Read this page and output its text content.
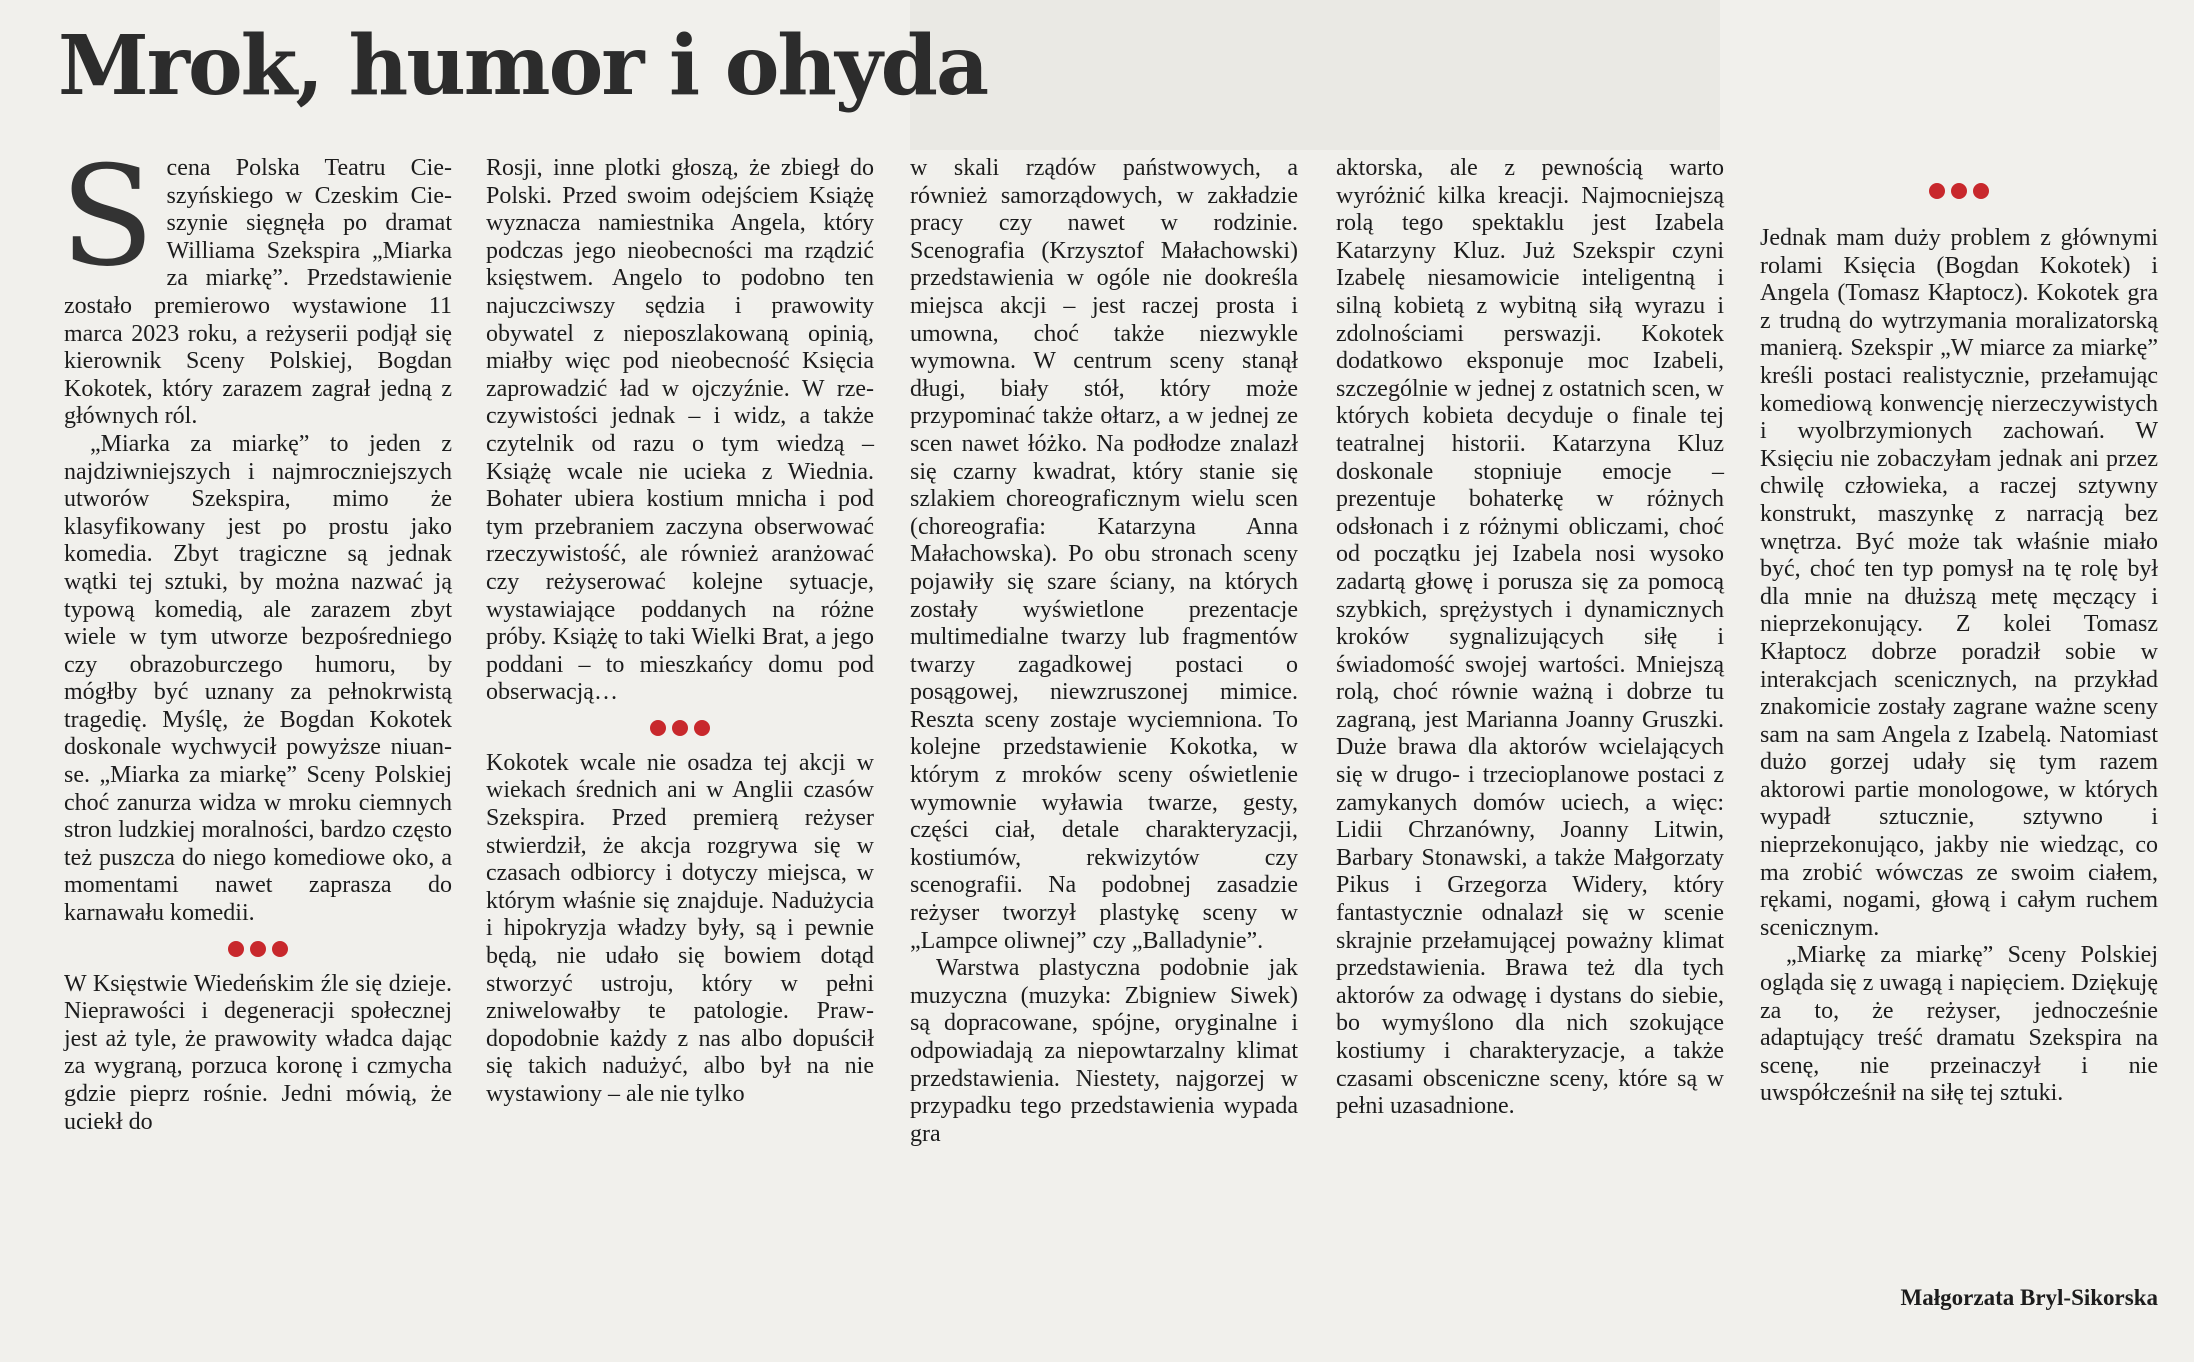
Mrok, humor i ohyda
S cena Polska Teatru Cieszyńskiego w Czeskim Cieszynie sięgnęła po dramat Williama Szekspira „Miarka za miarkę”. Przedstawienie zostało premierowo wystawione 11 marca 2023 roku, a reżyserii podjął się kierownik Sceny Polskiej, Bogdan Kokotek, który zarazem zagrał jedną z głównych ról.

„Miarka za miarkę” to jeden z najdziwniejszych i najmroczniejszych utworów Szekspira, mimo że klasyfikowany jest po prostu jako komedia. Zbyt tragiczne są jednak wątki tej sztuki, by można nazwać ją typową komedią, ale zarazem zbyt wiele w tym utworze bezpośredniego czy obrazoburczego humoru, by mógłby być uznany za pełnokrwistą tragedię. Myślę, że Bogdan Kokotek doskonale wychwycił powyższe niuanse. „Miarka za miarkę” Sceny Polskiej choć zanurza widza w mroku ciemnych stron ludzkiej moralności, bardzo często też puszcza do niego komediowe oko, a momentami nawet zaprasza do karnawału komedii.

W Księstwie Wiedeńskim źle się dzieje. Nieprawości i degeneracji społecznej jest aż tyle, że prawowity władca dając za wygraną, porzuca koronę i czmycha gdzie pieprz rośnie. Jedni mówią, że uciekł do

Rosji, inne plotki głoszą, że zbiegł do Polski. Przed swoim odejściem Książę wyznacza namiestnika Angela, który podczas jego nieobecności ma rządzić księstwem. Angelo to podobno ten najuczciwszy sędzia i prawowity obywatel z nieposzlakowaną opinią, miałby więc pod nieobecność Księcia zaprowadzić ład w ojczyźnie. W rzeczywistości jednak – i widz, a także czytelnik od razu o tym wiedzą – Książę wcale nie ucieka z Wiednia. Bohater ubiera kostium mnicha i pod tym przebraniem zaczyna obserwować rzeczywistość, ale również aranżować czy reżyserować kolejne sytuacje, wystawiające poddanych na różne próby. Książę to taki Wielki Brat, a jego poddani – to mieszkańcy domu pod obserwacją…

Kokotek wcale nie osadza tej akcji w wiekach średnich ani w Anglii czasów Szekspira. Przed premierą reżyser stwierdził, że akcja rozgrywa się w czasach odbiorcy i dotyczy miejsca, w którym właśnie się znajduje. Nadużycia i hipokryzja władzy były, są i pewnie będą, nie udało się bowiem dotąd stworzyć ustroju, który w pełni zniwelowałby te patologie. Prawdopodobnie każdy z nas albo dopuścił się takich nadużyć, albo był na nie wystawiony – ale nie tylko

w skali rządów państwowych, a również samorządowych, w zakładzie pracy czy nawet w rodzinie. Scenografia (Krzysztof Małachowski) przedstawienia w ogóle nie dookreśla miejsca akcji – jest raczej prosta i umowna, choć także niezwykle wymowna. W centrum sceny stanął długi, biały stół, który może przypominać także ołtarz, a w jednej ze scen nawet łóżko. Na podłodze znalazł się czarny kwadrat, który stanie się szlakiem choreograficznym wielu scen (choreografia: Katarzyna Anna Małachowska). Po obu stronach sceny pojawiły się szare ściany, na których zostały wyświetlone prezentacje multimedialne twarzy lub fragmentów twarzy zagadkowej postaci o posągowej, niewzruszonej mimice. Reszta sceny zostaje wyciemniona. To kolejne przedstawienie Kokotka, w którym z mroków sceny oświetlenie wymownie wyławia twarze, gesty, części ciał, detale charakteryzacji, kostiumów, rekwizytów czy scenografii. Na podobnej zasadzie reżyser tworzył plastykę sceny w „Lampce oliwnej” czy „Balladynie”.

Warstwa plastyczna podobnie jak muzyczna (muzyka: Zbigniew Siwek) są dopracowane, spójne, oryginalne i odpowiadają za niepowtarzalny klimat przedstawienia. Niestety, najgorzej w przypadku tego przedstawienia wypada gra

aktorska, ale z pewnością warto wyróżnić kilka kreacji. Najmocniejszą rolą tego spektaklu jest Izabela Katarzyny Kluz. Już Szekspir czyni Izabelę niesamowicie inteligentną i silną kobietą z wybitną siłą wyrazu i zdolnościami perswazji. Kokotek dodatkowo eksponuje moc Izabeli, szczególnie w jednej z ostatnich scen, w których kobieta decyduje o finale tej teatralnej historii. Katarzyna Kluz doskonale stopniuje emocje – prezentuje bohaterkę w różnych odsłonach i z różnymi obliczami, choć od początku jej Izabela nosi wysoko zadartą głowę i porusza się za pomocą szybkich, sprężystych i dynamicznych kroków sygnalizujących siłę i świadomość swojej wartości. Mniejszą rolą, choć równie ważną i dobrze tu zagraną, jest Marianna Joanny Gruszki. Duże brawa dla aktorów wcielających się w drugo- i trzecioplanowe postaci z zamykanych domów uciech, a więc: Lidii Chrzanówny, Joanny Litwin, Barbary Stonawski, a także Małgorzaty Pikus i Grzegorza Widery, który fantastycznie odnalazł się w scenie skrajnie przełamującej poważny klimat przedstawienia. Brawa też dla tych aktorów za odwagę i dystans do siebie, bo wymyślono dla nich szokujące kostiumy i charakteryzacje, a także czasami obsceniczne sceny, które są w pełni uzasadnione.

Jednak mam duży problem z głównymi rolami Księcia (Bogdan Kokotek) i Angela (Tomasz Kłaptocz). Kokotek gra z trudną do wytrzymania moralizatorską manierą. Szekspir „W miarce za miarkę” kreśli postaci realistycznie, przełamując komediową konwencję nierzeczywistych i wyolbrzymionych zachowań. W Księciu nie zobaczyłam jednak ani przez chwilę człowieka, a raczej sztywny konstrukt, maszynkę z narracją bez wnętrza. Być może tak właśnie miało być, choć ten typ pomysł na tę rolę był dla mnie na dłuższą metę męczący i nieprzekonujący. Z kolei Tomasz Kłaptocz dobrze poradził sobie w interakcjach scenicznych, na przykład znakomicie zostały zagrane ważne sceny sam na sam Angela z Izabelą. Natomiast dużo gorzej udały się tym razem aktorowi partie monologowe, w których wypadł sztucznie, sztywno i nieprzekonująco, jakby nie wiedząc, co ma zrobić wówczas ze swoim ciałem, rękami, nogami, głową i całym ruchem scenicznym.

„Miarkę za miarkę” Sceny Polskiej ogląda się z uwagą i napięciem. Dziękuję za to, że reżyser, jednocześnie adaptujący treść dramatu Szekspira na scenę, nie przeinaczył i nie uwspółcześnił na siłę tej sztuki.

Małgorzata Bryl-Sikorska
